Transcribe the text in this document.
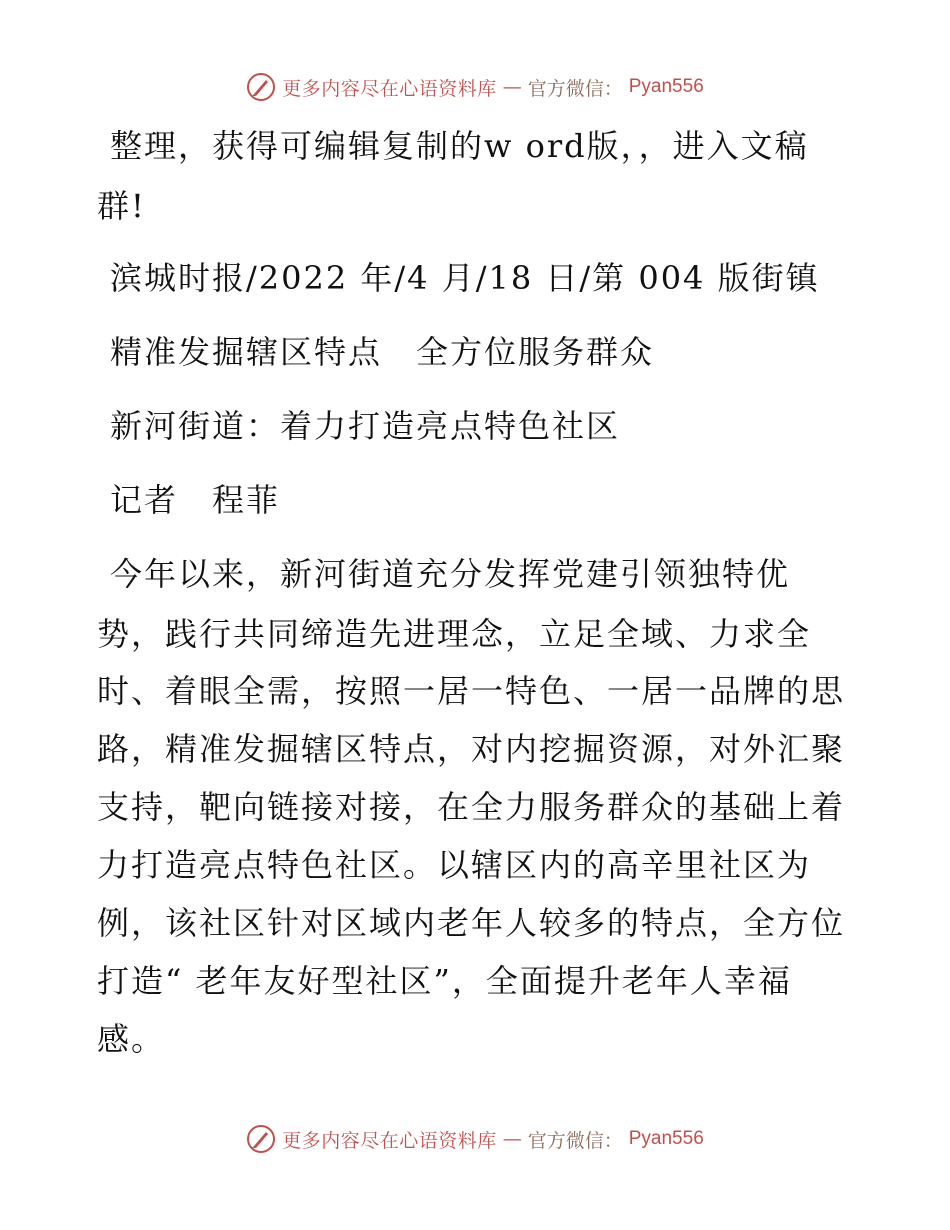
更多内容尽在心语资料库 — 官方微信： Pyan556
整理，获得可编辑复制的w ord版，，进入文稿
群!
滨城时报/2022 年/4 月/18 日/第 004 版街镇
精准发掘辖区特点　全方位服务群众
新河街道：着力打造亮点特色社区
记者　程菲
今年以来，新河街道充分发挥党建引领独特优
势，践行共同缔造先进理念，立足全域、力求全
时、着眼全需，按照一居一特色、一居一品牌的思
路，精准发掘辖区特点，对内挖掘资源，对外汇聚
支持，靶向链接对接，在全力服务群众的基础上着
力打造亮点特色社区。以辖区内的高辛里社区为
例，该社区针对区域内老年人较多的特点，全方位
打造“ 老年友好型社区”，全面提升老年人幸福
感。
更多内容尽在心语资料库 — 官方微信： Pyan556
